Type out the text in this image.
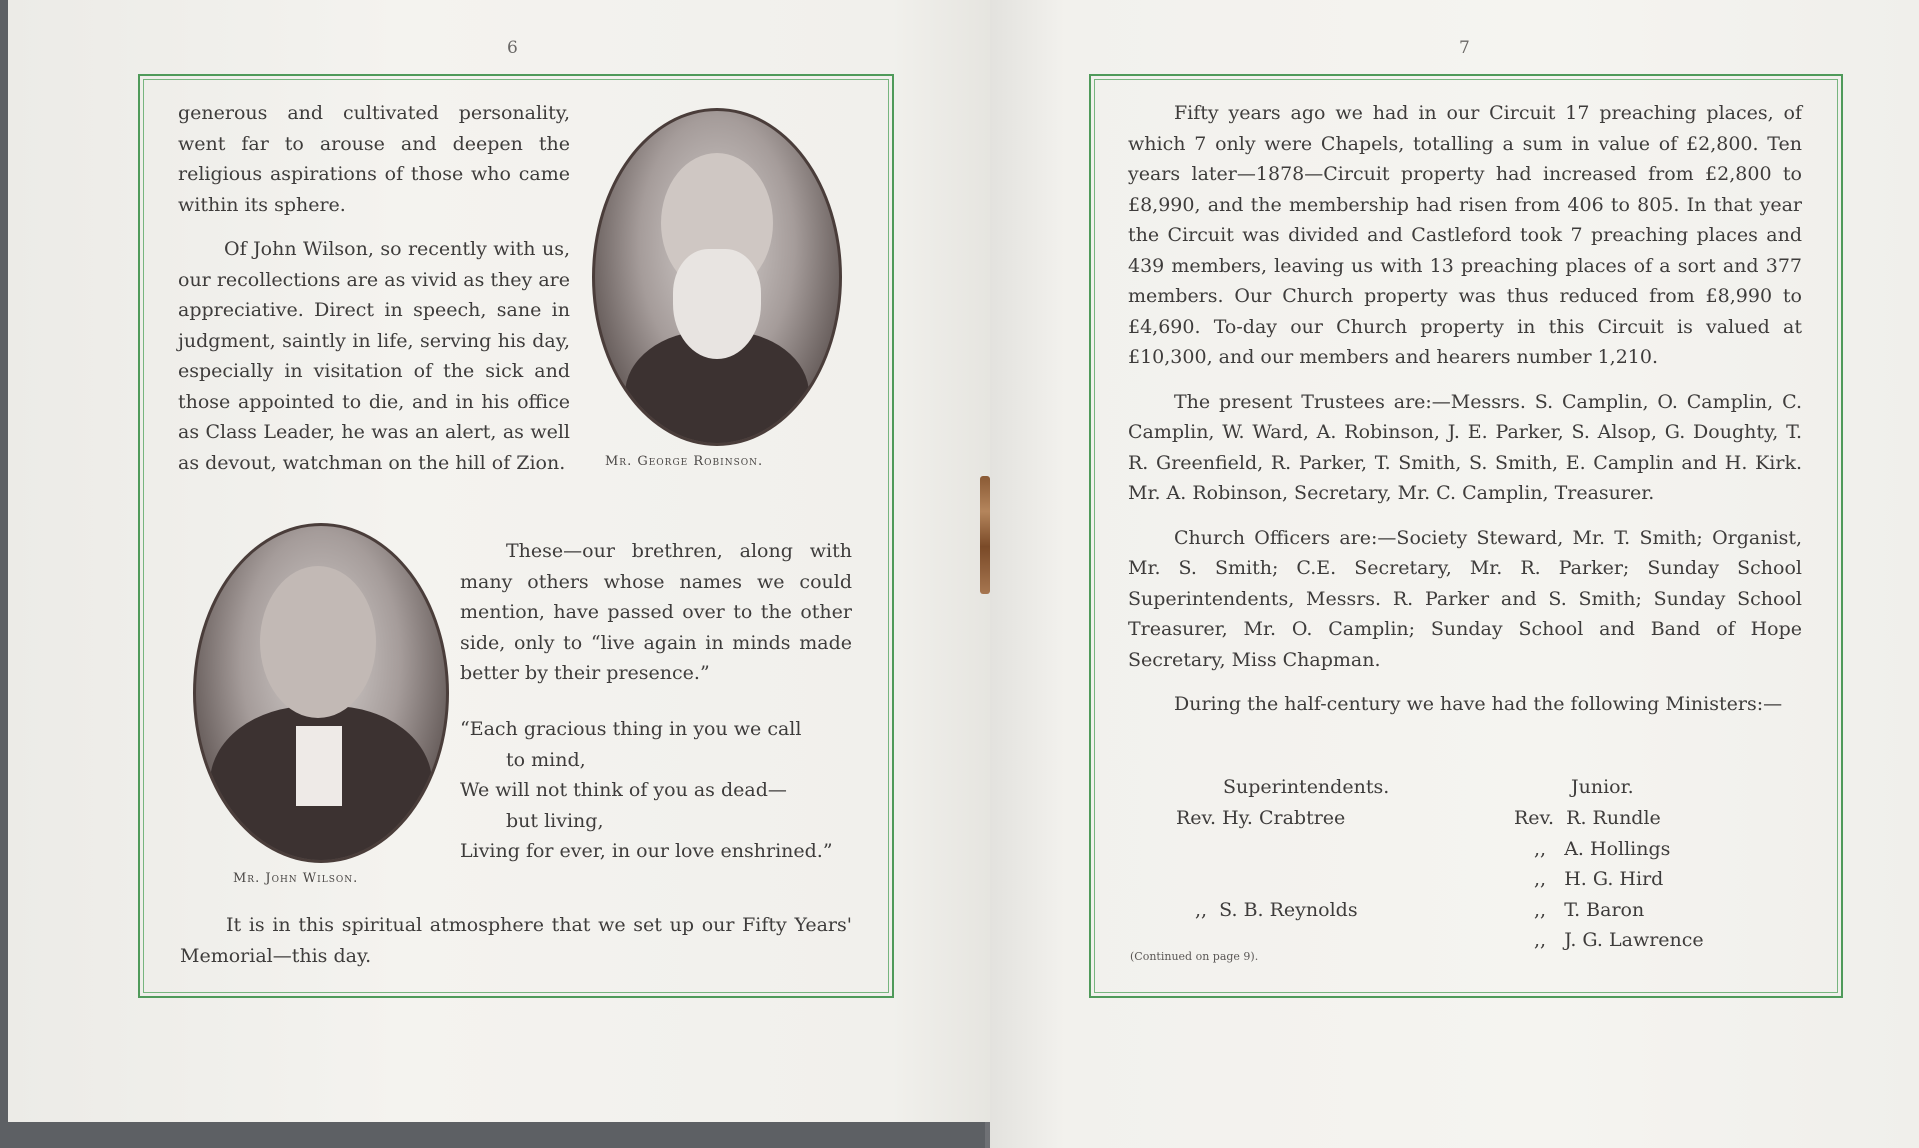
6

generous and cultivated personality, went far to arouse and deepen the religious aspirations of those who came within its sphere.

Of John Wilson, so recently with us, our recollections are as vivid as they are appreciative. Direct in speech, sane in judgment, saintly in life, serving his day, especially in visitation of the sick and those appointed to die, and in his office as Class Leader, he was an alert, as well as devout, watchman on the hill of Zion.	Mr. George Robinson.
Mr. John Wilson.

These—our brethren, along with many others whose names we could mention, have passed over to the other side, only to “live again in minds made better by their presence.”

“Each gracious thing in you we call
to mind,
We will not think of you as dead—
but living,
Living for ever, in our love enshrined.”

It is in this spiritual atmosphere that we set up our Fifty Years' Memorial—this day.

7

Fifty years ago we had in our Circuit 17 preaching places, of which 7 only were Chapels, totalling a sum in value of £2,800. Ten years later—1878—Circuit property had increased from £2,800 to £8,990, and the membership had risen from 406 to 805. In that year the Circuit was divided and Castleford took 7 preaching places and 439 members, leaving us with 13 preaching places of a sort and 377 members. Our Church property was thus reduced from £8,990 to £4,690. To-day our Church property in this Circuit is valued at £10,300, and our members and hearers number 1,210.

The present Trustees are:—Messrs. S. Camplin, O. Camplin, C. Camplin, W. Ward, A. Robinson, J. E. Parker, S. Alsop, G. Doughty, T. R. Greenfield, R. Parker, T. Smith, S. Smith, E. Camplin and H. Kirk. Mr. A. Robinson, Secretary, Mr. C. Camplin, Treasurer.

Church Officers are:—Society Steward, Mr. T. Smith; Organist, Mr. S. Smith; C.E. Secretary, Mr. R. Parker; Sunday School Superintendents, Messrs. R. Parker and S. Smith; Sunday School Treasurer, Mr. O. Camplin; Sunday School and Band of Hope Secretary, Miss Chapman.

During the half-century we have had the following Ministers:—

Superintendents.	Junior.
Rev. Hy. Crabtree
,,  S. B. Reynolds
Rev.  R. Rundle
,,   A. Hollings
,,   H. G. Hird
,,   T. Baron
,,   J. G. Lawrence
(Continued on page 9).
